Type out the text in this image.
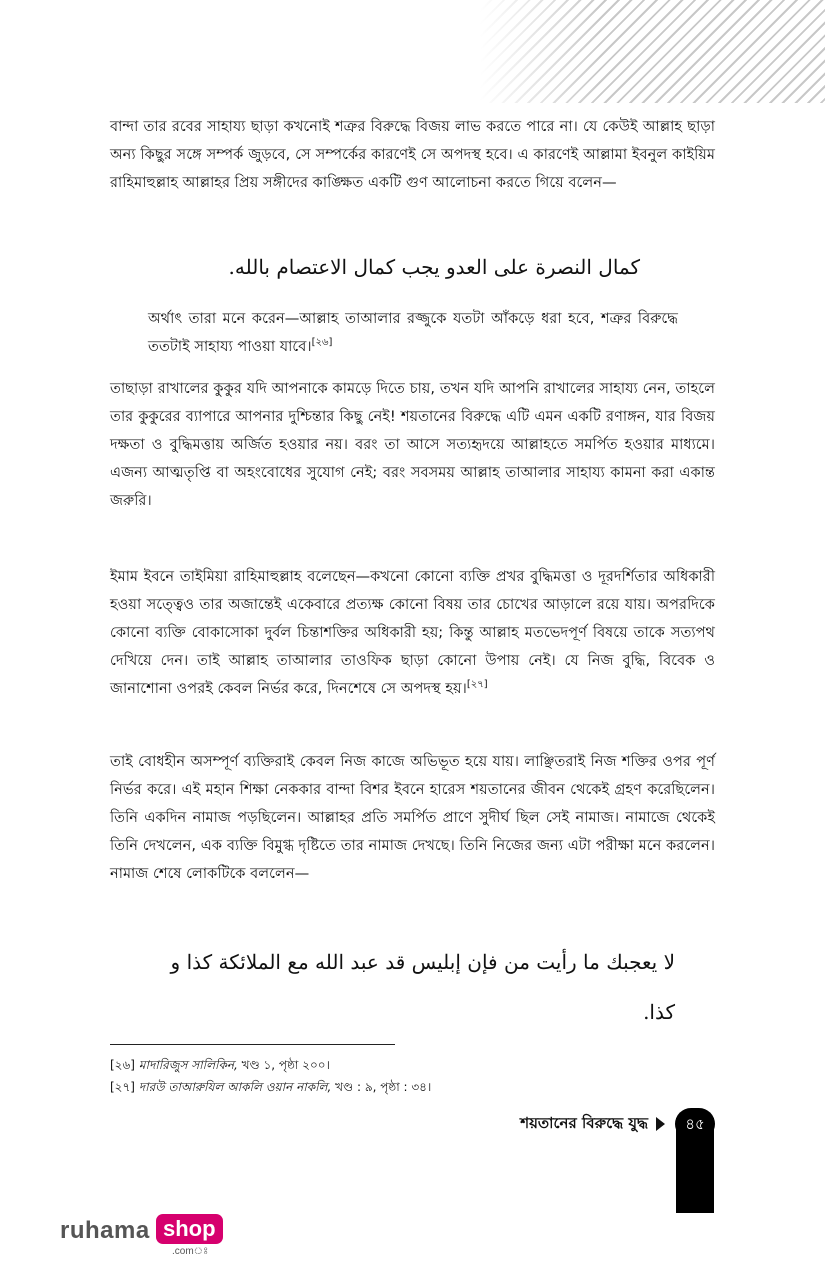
বান্দা তার রবের সাহায্য ছাড়া কখনোই শত্রুর বিরুদ্ধে বিজয় লাভ করতে পারে না। যে কেউই আল্লাহ ছাড়া অন্য কিছুর সঙ্গে সম্পর্ক জুড়বে, সে সম্পর্কের কারণেই সে অপদস্থ হবে। এ কারণেই আল্লামা ইবনুল কাইয়িম রাহিমাহুল্লাহ আল্লাহর প্রিয় সঙ্গীদের কাঙ্ক্ষিত একটি গুণ আলোচনা করতে গিয়ে বলেন—
كمال النصرة على العدو يجب كمال الاعتصام بالله.
অর্থাৎ তারা মনে করেন—আল্লাহ তাআলার রজ্জুকে যতটা আঁকড়ে ধরা হবে, শত্রুর বিরুদ্ধে ততটাই সাহায্য পাওয়া যাবে।[২৬]
তাছাড়া রাখালের কুকুর যদি আপনাকে কামড়ে দিতে চায়, তখন যদি আপনি রাখালের সাহায্য নেন, তাহলে তার কুকুরের ব্যাপারে আপনার দুশ্চিন্তার কিছু নেই! শয়তানের বিরুদ্ধে এটি এমন একটি রণাঙ্গন, যার বিজয় দক্ষতা ও বুদ্ধিমত্তায় অর্জিত হওয়ার নয়। বরং তা আসে সত্যহৃদয়ে আল্লাহতে সমর্পিত হওয়ার মাধ্যমে। এজন্য আত্মতৃপ্তি বা অহংবোধের সুযোগ নেই; বরং সবসময় আল্লাহ তাআলার সাহায্য কামনা করা একান্ত জরুরি।
ইমাম ইবনে তাইমিয়া রাহিমাহুল্লাহ বলেছেন—কখনো কোনো ব্যক্তি প্রখর বুদ্ধিমত্তা ও দূরদর্শিতার অধিকারী হওয়া সত্ত্বেও তার অজান্তেই একেবারে প্রত্যক্ষ কোনো বিষয় তার চোখের আড়ালে রয়ে যায়। অপরদিকে কোনো ব্যক্তি বোকাসোকা দুর্বল চিন্তাশক্তির অধিকারী হয়; কিন্তু আল্লাহ মতভেদপূর্ণ বিষয়ে তাকে সত্যপথ দেখিয়ে দেন। তাই আল্লাহ তাআলার তাওফিক ছাড়া কোনো উপায় নেই। যে নিজ বুদ্ধি, বিবেক ও জানাশোনা ওপরই কেবল নির্ভর করে, দিনশেষে সে অপদস্থ হয়।[২৭]
তাই বোধহীন অসম্পূর্ণ ব্যক্তিরাই কেবল নিজ কাজে অভিভূত হয়ে যায়। লাঞ্ছিতরাই নিজ শক্তির ওপর পূর্ণ নির্ভর করে। এই মহান শিক্ষা নেককার বান্দা বিশর ইবনে হারেস শয়তানের জীবন থেকেই গ্রহণ করেছিলেন। তিনি একদিন নামাজ পড়ছিলেন। আল্লাহর প্রতি সমর্পিত প্রাণে সুদীর্ঘ ছিল সেই নামাজ। নামাজে থেকেই তিনি দেখলেন, এক ব্যক্তি বিমুগ্ধ দৃষ্টিতে তার নামাজ দেখছে। তিনি নিজের জন্য এটা পরীক্ষা মনে করলেন। নামাজ শেষে লোকটিকে বললেন—
لا يعجبك ما رأيت من فإن إبليس قد عبد الله مع الملائكة كذا و كذا.
[২৬] মাদারিজুস সালিকিন, খণ্ড ১, পৃষ্ঠা ২০০।
[২৭] দারউ তাআরুযিল আকলি ওয়ান নাকলি, খণ্ড : ৯, পৃষ্ঠা : ৩৪।
শয়তানের বিরুদ্ধে যুদ্ধ	৪৫
ruhama shop
.comঃ
